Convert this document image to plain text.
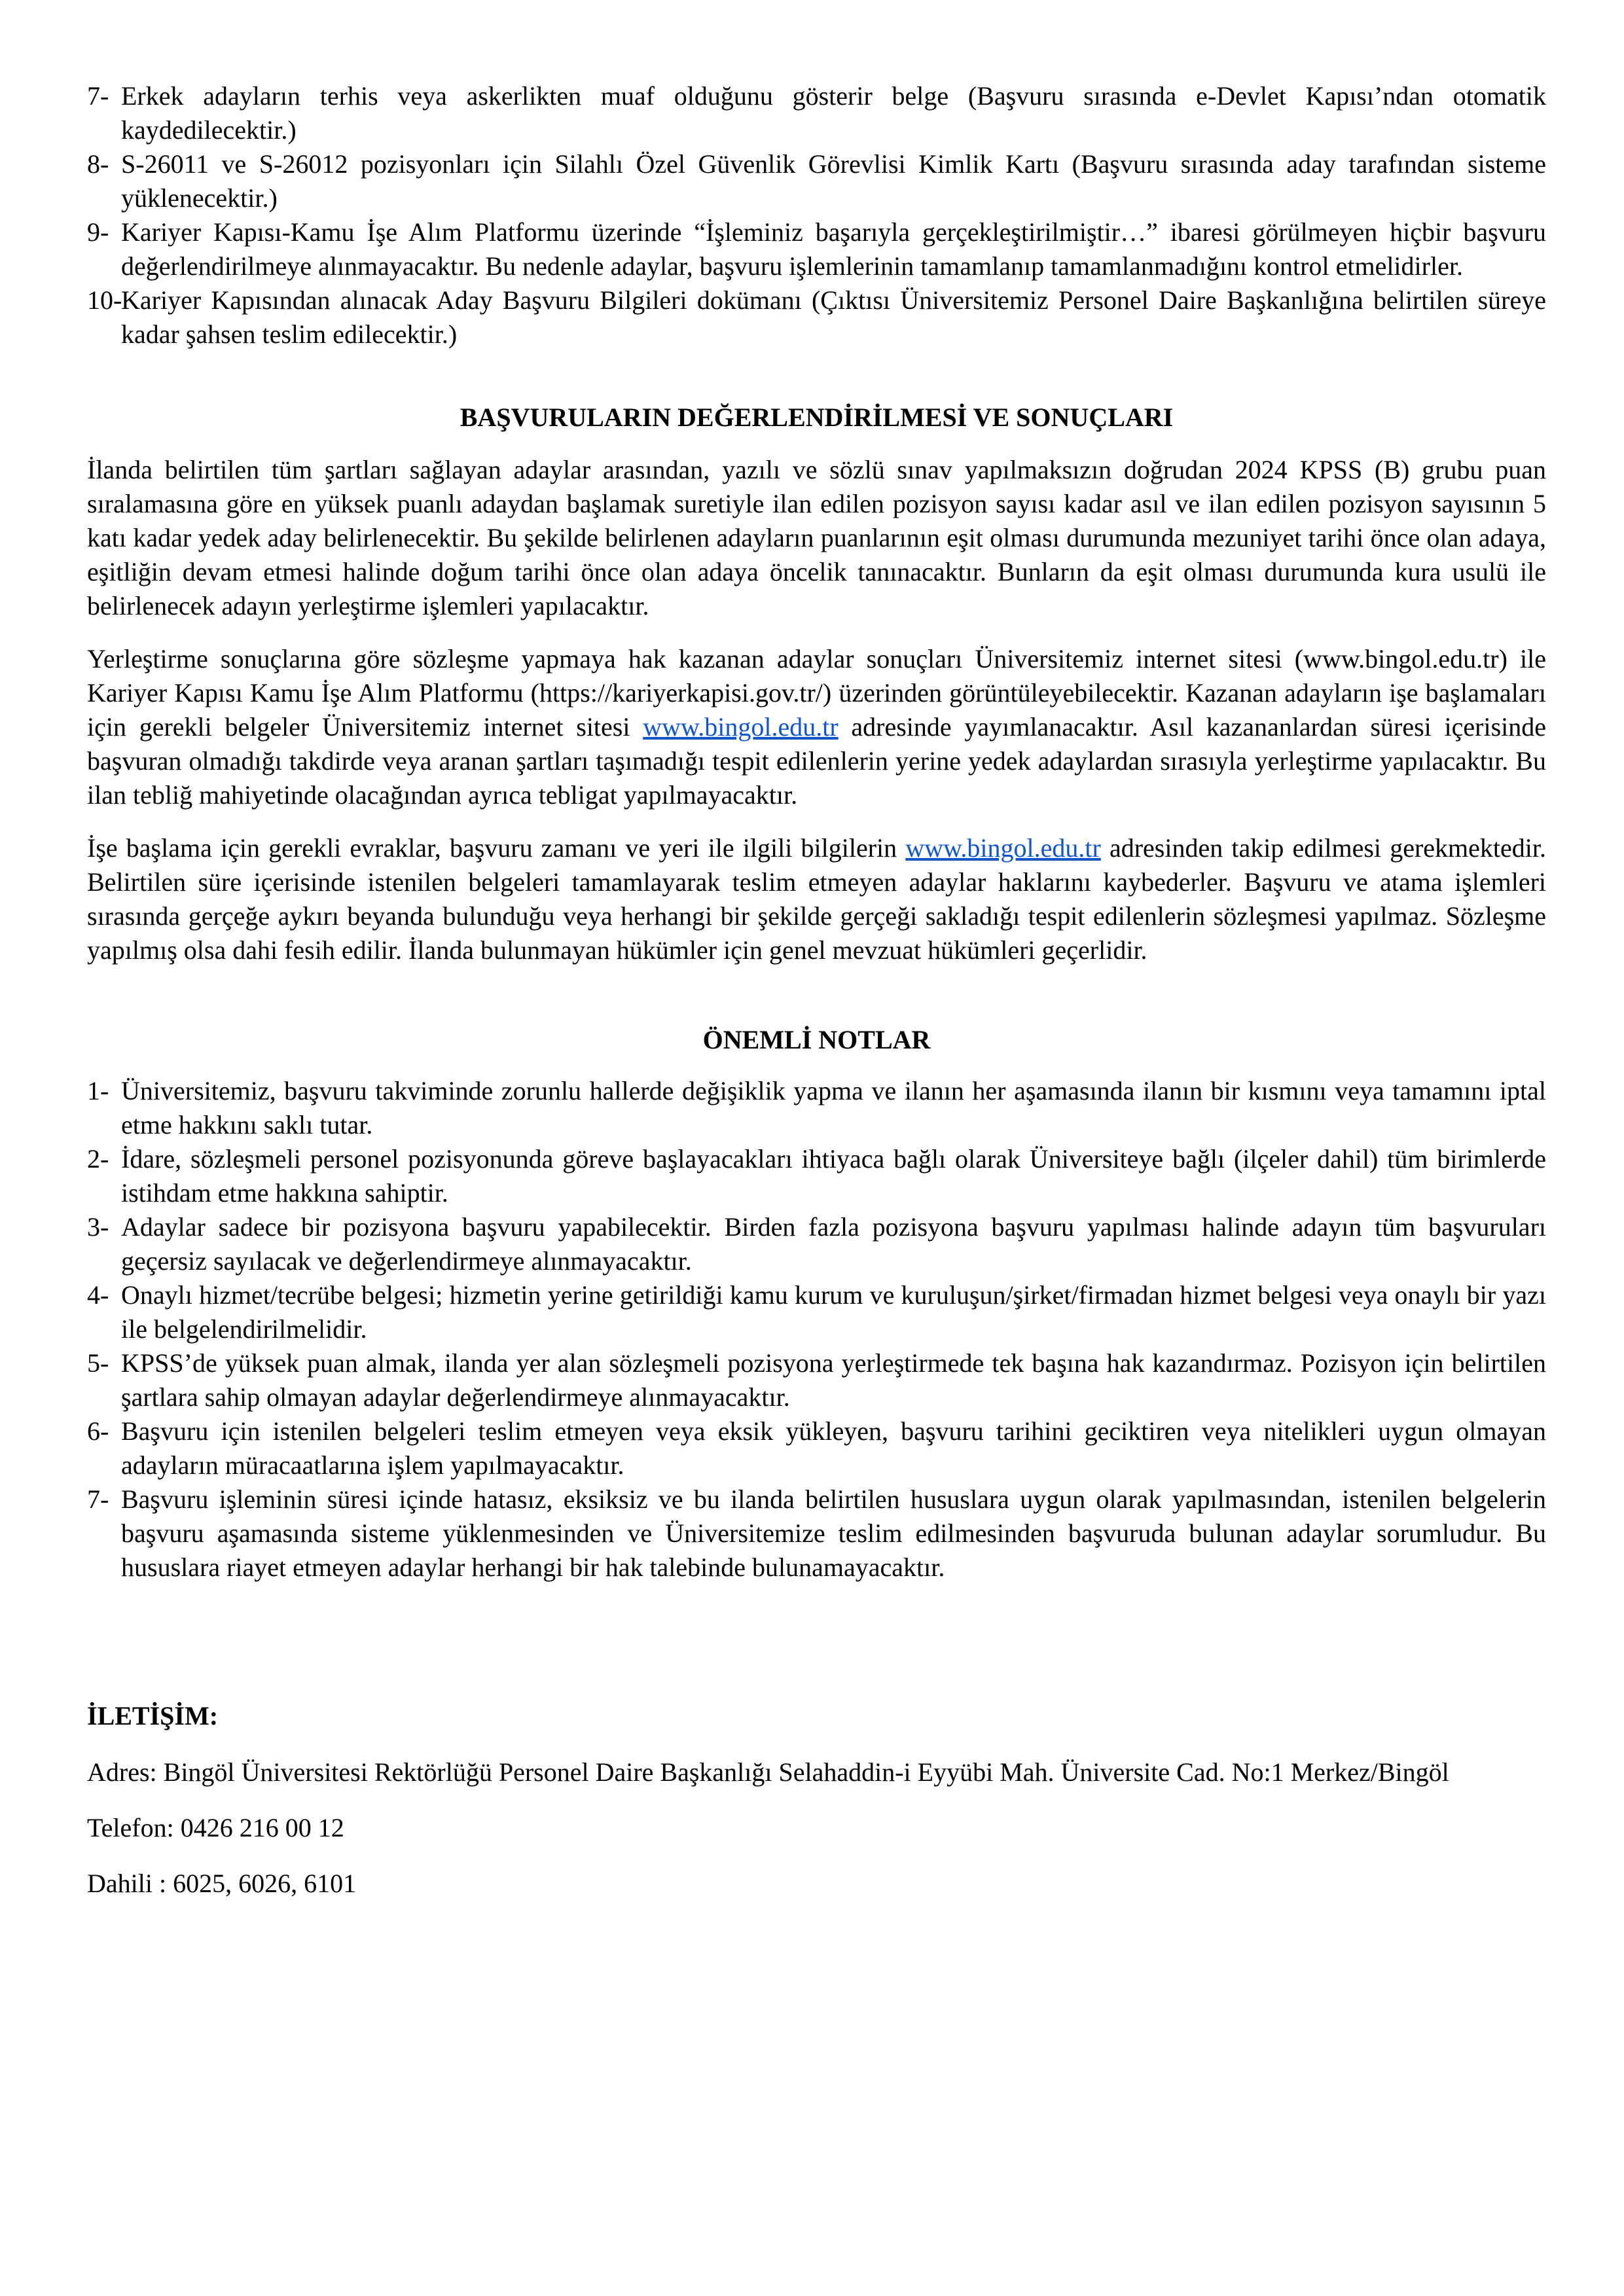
7- Erkek adayların terhis veya askerlikten muaf olduğunu gösterir belge (Başvuru sırasında e-Devlet Kapısı’ndan otomatik kaydedilecektir.)
8- S-26011 ve S-26012 pozisyonları için Silahlı Özel Güvenlik Görevlisi Kimlik Kartı (Başvuru sırasında aday tarafından sisteme yüklenecektir.)
9- Kariyer Kapısı-Kamu İşe Alım Platformu üzerinde “İşleminiz başarıyla gerçekleştirilmiştir…” ibaresi görülmeyen hiçbir başvuru değerlendirilmeye alınmayacaktır. Bu nedenle adaylar, başvuru işlemlerinin tamamlanıp tamamlanmadığını kontrol etmelidirler.
10-
Kariyer Kapısından alınacak Aday Başvuru Bilgileri dokümanı (Çıktısı Üniversitemiz Personel Daire Başkanlığına belirtilen süreye kadar şahsen teslim edilecektir.)
BAŞVURULARIN DEĞERLENDİRİLMESİ VE SONUÇLARI

İlanda belirtilen tüm şartları sağlayan adaylar arasından, yazılı ve sözlü sınav yapılmaksızın doğrudan 2024 KPSS (B) grubu puan sıralamasına göre en yüksek puanlı adaydan başlamak suretiyle ilan edilen pozisyon sayısı kadar asıl ve ilan edilen pozisyon sayısının 5 katı kadar yedek aday belirlenecektir. Bu şekilde belirlenen adayların puanlarının eşit olması durumunda mezuniyet tarihi önce olan adaya, eşitliğin devam etmesi halinde doğum tarihi önce olan adaya öncelik tanınacaktır. Bunların da eşit olması durumunda kura usulü ile belirlenecek adayın yerleştirme işlemleri yapılacaktır.

Yerleştirme sonuçlarına göre sözleşme yapmaya hak kazanan adaylar sonuçları Üniversitemiz internet sitesi (www.bingol.edu.tr) ile Kariyer Kapısı Kamu İşe Alım Platformu (https://kariyerkapisi.gov.tr/) üzerinden görüntüleyebilecektir. Kazanan adayların işe başlamaları için gerekli belgeler Üniversitemiz internet sitesi www.bingol.edu.tr adresinde yayımlanacaktır. Asıl kazananlardan süresi içerisinde başvuran olmadığı takdirde veya aranan şartları taşımadığı tespit edilenlerin yerine yedek adaylardan sırasıyla yerleştirme yapılacaktır. Bu ilan tebliğ mahiyetinde olacağından ayrıca tebligat yapılmayacaktır.

İşe başlama için gerekli evraklar, başvuru zamanı ve yeri ile ilgili bilgilerin www.bingol.edu.tr adresinden takip edilmesi gerekmektedir. Belirtilen süre içerisinde istenilen belgeleri tamamlayarak teslim etmeyen adaylar haklarını kaybederler. Başvuru ve atama işlemleri sırasında gerçeğe aykırı beyanda bulunduğu veya herhangi bir şekilde gerçeği sakladığı tespit edilenlerin sözleşmesi yapılmaz. Sözleşme yapılmış olsa dahi fesih edilir. İlanda bulunmayan hükümler için genel mevzuat hükümleri geçerlidir.

ÖNEMLİ NOTLAR
1- Üniversitemiz, başvuru takviminde zorunlu hallerde değişiklik yapma ve ilanın her aşamasında ilanın bir kısmını veya tamamını iptal etme hakkını saklı tutar.
2- İdare, sözleşmeli personel pozisyonunda göreve başlayacakları ihtiyaca bağlı olarak Üniversiteye bağlı (ilçeler dahil) tüm birimlerde istihdam etme hakkına sahiptir.
3- Adaylar sadece bir pozisyona başvuru yapabilecektir. Birden fazla pozisyona başvuru yapılması halinde adayın tüm başvuruları geçersiz sayılacak ve değerlendirmeye alınmayacaktır.
4- Onaylı hizmet/tecrübe belgesi; hizmetin yerine getirildiği kamu kurum ve kuruluşun/şirket/firmadan hizmet belgesi veya onaylı bir yazı ile belgelendirilmelidir.
5- KPSS’de yüksek puan almak, ilanda yer alan sözleşmeli pozisyona yerleştirmede tek başına hak kazandırmaz. Pozisyon için belirtilen şartlara sahip olmayan adaylar değerlendirmeye alınmayacaktır.
6- Başvuru için istenilen belgeleri teslim etmeyen veya eksik yükleyen, başvuru tarihini geciktiren veya nitelikleri uygun olmayan adayların müracaatlarına işlem yapılmayacaktır.
7- Başvuru işleminin süresi içinde hatasız, eksiksiz ve bu ilanda belirtilen hususlara uygun olarak yapılmasından, istenilen belgelerin başvuru aşamasında sisteme yüklenmesinden ve Üniversitemize teslim edilmesinden başvuruda bulunan adaylar sorumludur. Bu hususlara riayet etmeyen adaylar herhangi bir hak talebinde bulunamayacaktır.
İLETİŞİM:

Adres: Bingöl Üniversitesi Rektörlüğü Personel Daire Başkanlığı Selahaddin-i Eyyübi Mah. Üniversite Cad. No:1 Merkez/Bingöl

Telefon: 0426 216 00 12

Dahili : 6025, 6026, 6101
